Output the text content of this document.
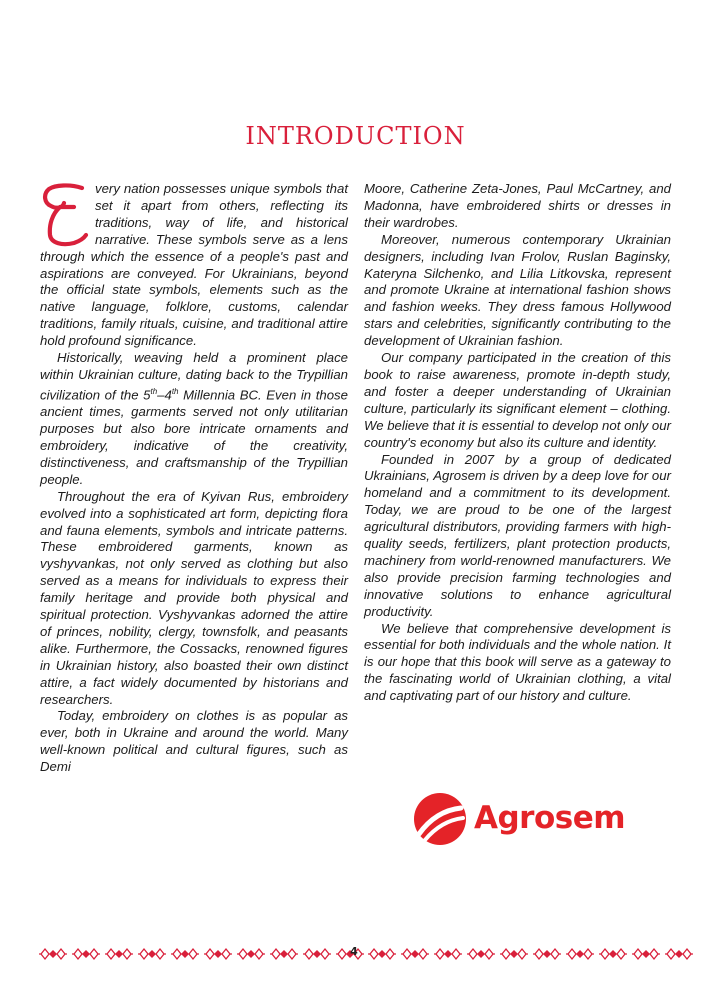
INTRODUCTION

very nation possesses unique symbols that set it apart from others, reflecting its traditions, way of life, and historical narrative. These symbols serve as a lens through which the essence of a people's past and aspirations are conveyed. For Ukrainians, beyond the official state symbols, elements such as the native language, folklore, customs, calendar traditions, family rituals, cuisine, and traditional attire hold profound significance.

Historically, weaving held a prominent place within Ukrainian culture, dating back to the Trypillian civilization of the 5th–4th Millennia BC. Even in those ancient times, garments served not only utilitarian purposes but also bore intricate ornaments and embroidery, indicative of the creativity, distinctiveness, and craftsmanship of the Trypillian people.

Throughout the era of Kyivan Rus, embroidery evolved into a sophisticated art form, depicting flora and fauna elements, symbols and intricate patterns. These embroidered garments, known as vyshyvankas, not only served as clothing but also served as a means for individuals to express their family heritage and provide both physical and spiritual protection. Vyshyvankas adorned the attire of princes, nobility, clergy, townsfolk, and peasants alike. Furthermore, the Cossacks, renowned figures in Ukrainian history, also boasted their own distinct attire, a fact widely documented by historians and researchers.

Today, embroidery on clothes is as popular as ever, both in Ukraine and around the world. Many well-known political and cultural figures, such as Demi

Moore, Catherine Zeta-Jones, Paul McCartney, and Madonna, have embroidered shirts or dresses in their wardrobes.

Moreover, numerous contemporary Ukrainian designers, including Ivan Frolov, Ruslan Baginsky, Kateryna Silchenko, and Lilia Litkovska, represent and promote Ukraine at international fashion shows and fashion weeks. They dress famous Hollywood stars and celebrities, significantly contributing to the development of Ukrainian fashion.

Our company participated in the creation of this book to raise awareness, promote in-depth study, and foster a deeper understanding of Ukrainian culture, particularly its significant element – clothing. We believe that it is essential to develop not only our country's economy but also its culture and identity.

Founded in 2007 by a group of dedicated Ukrainians, Agrosem is driven by a deep love for our homeland and a commitment to its development. Today, we are proud to be one of the largest agricultural distributors, providing farmers with high-quality seeds, fertilizers, plant protection products, machinery from world-renowned manufacturers. We also provide precision farming technologies and innovative solutions to enhance agricultural productivity.

We believe that comprehensive development is essential for both individuals and the whole nation. It is our hope that this book will serve as a gateway to the fascinating world of Ukrainian clothing, a vital and captivating part of our history and culture.

Agrosem
4
